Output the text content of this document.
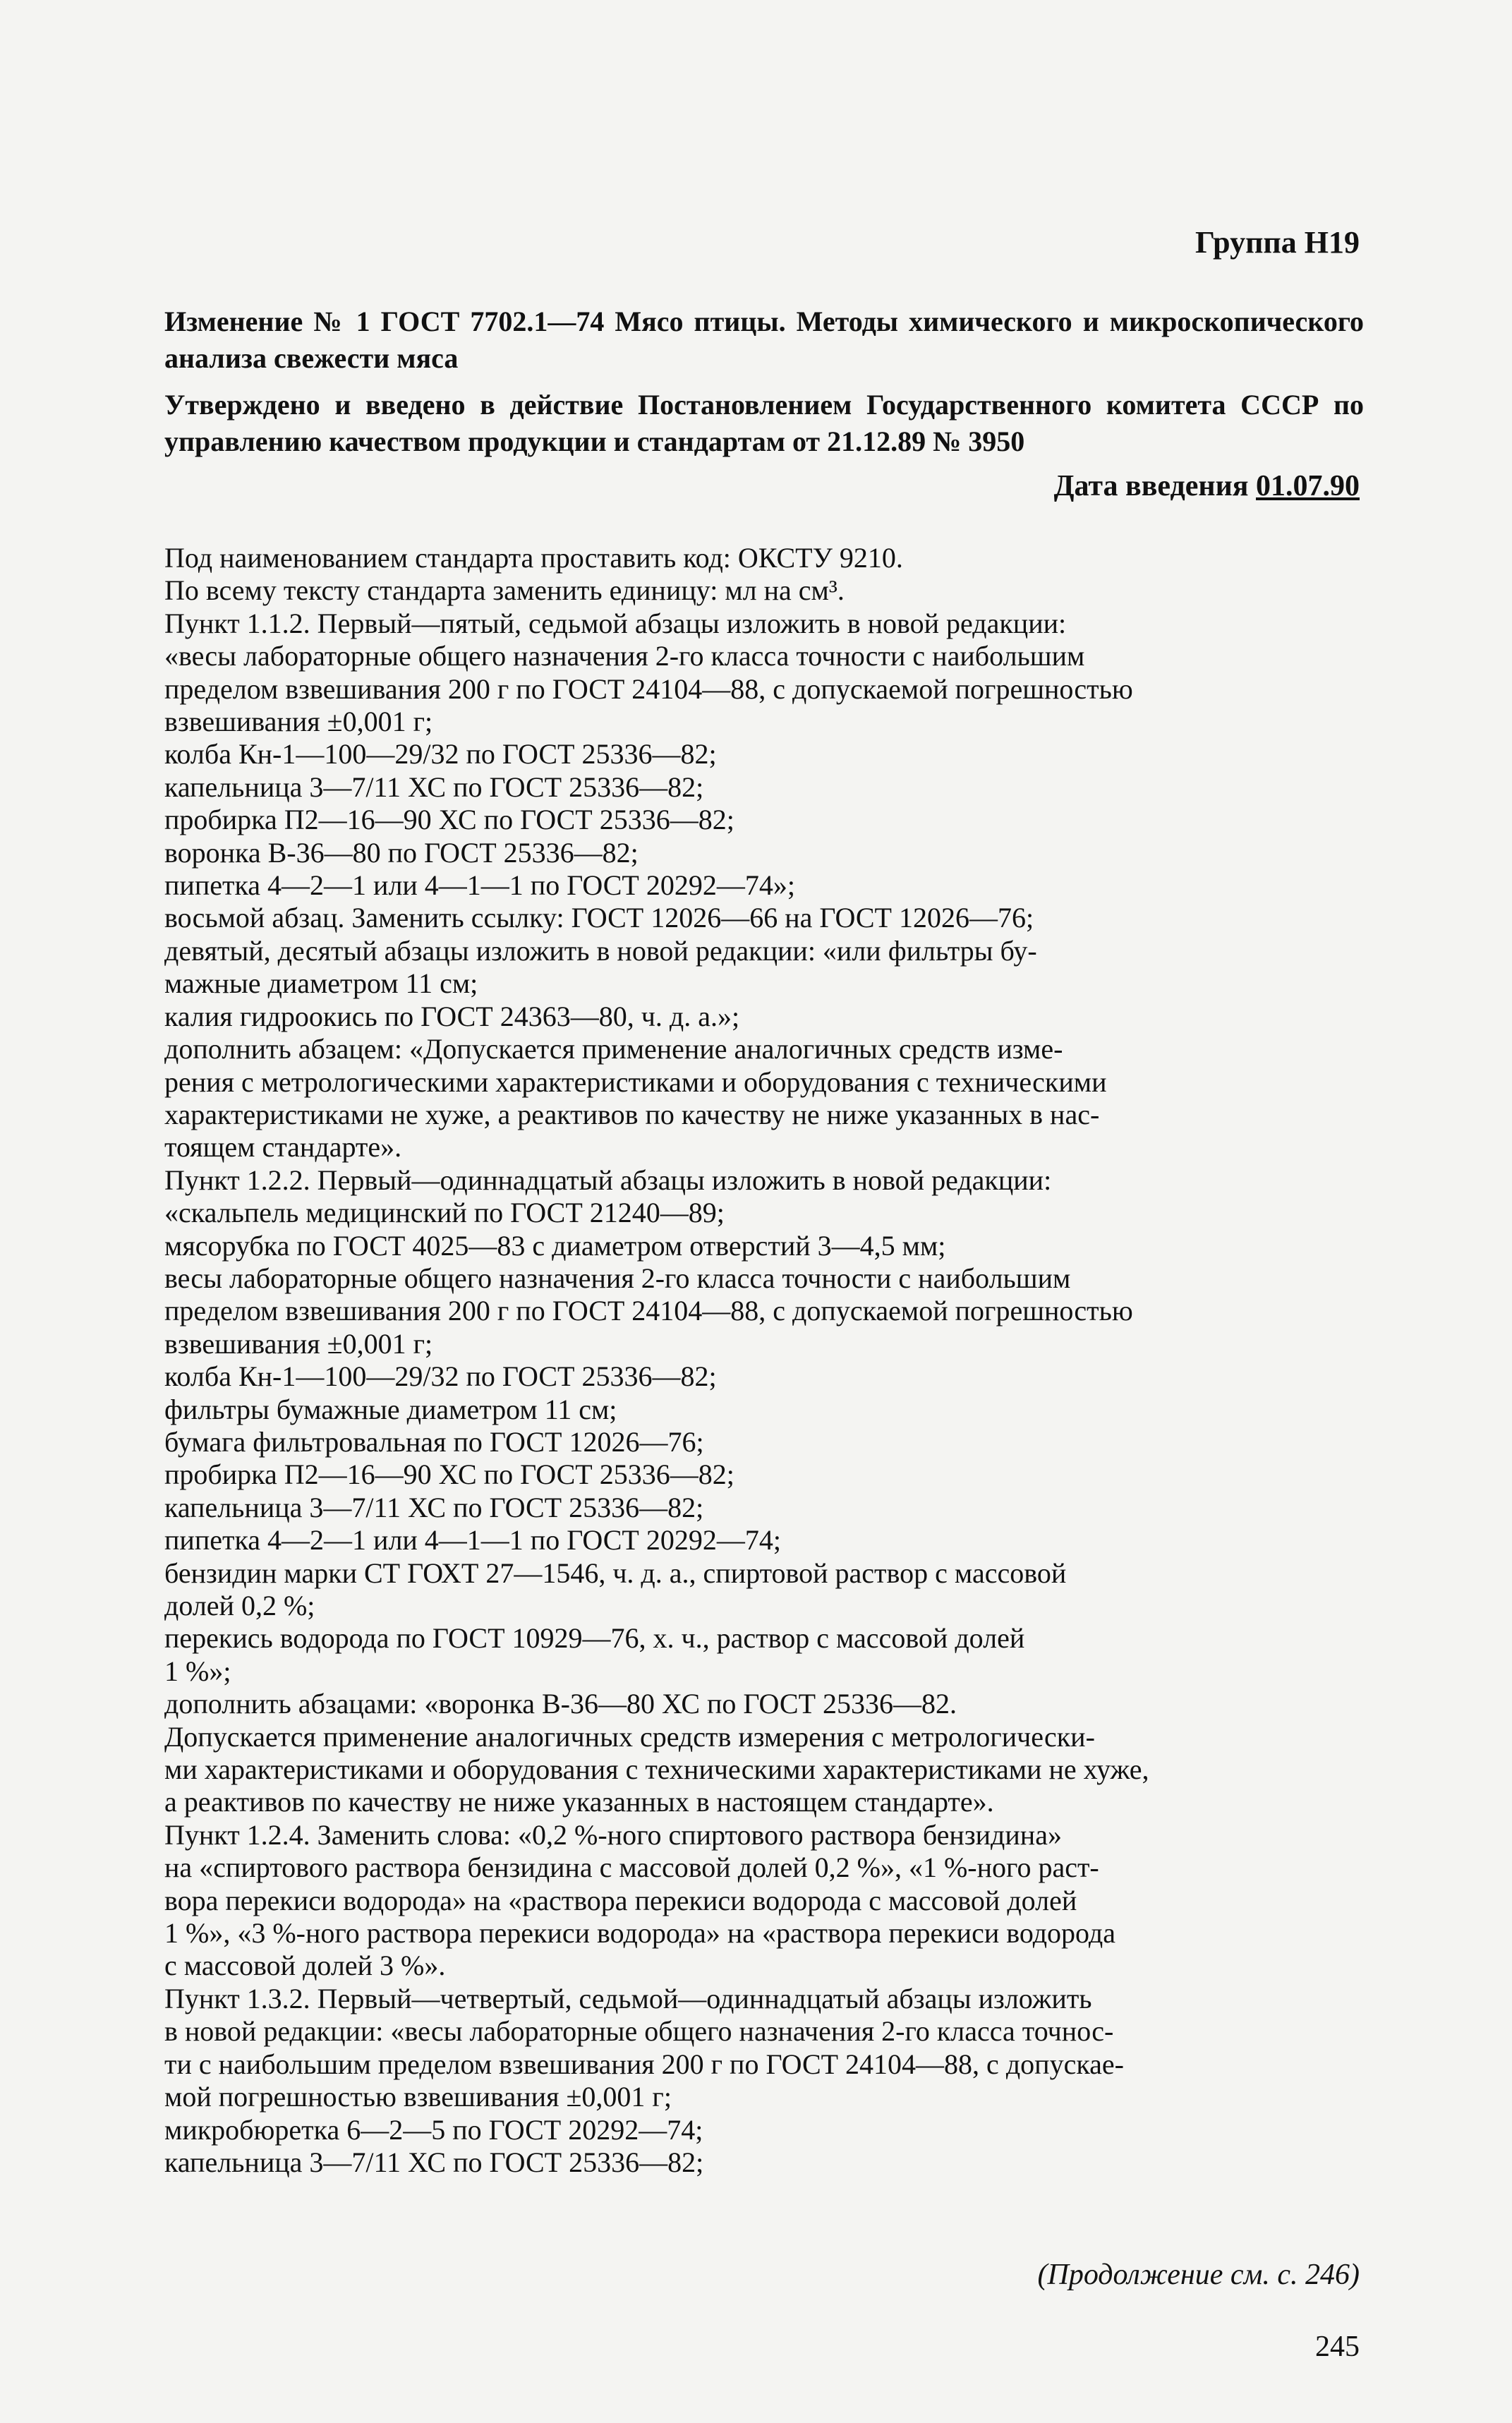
Группа Н19
Изменение № 1 ГОСТ 7702.1—74 Мясо птицы. Методы химического и микроскопического анализа свежести мяса
Утверждено и введено в действие Постановлением Государственного комитета СССР по управлению качеством продукции и стандартам от 21.12.89 № 3950
Дата введения 01.07.90
Под наименованием стандарта проставить код: ОКСТУ 9210.
По всему тексту стандарта заменить единицу: мл на см³.
Пункт 1.1.2. Первый—пятый, седьмой абзацы изложить в новой редакции:
«весы лабораторные общего назначения 2-го класса точности с наибольшим
пределом взвешивания 200 г по ГОСТ 24104—88, с допускаемой погрешностью
взвешивания ±0,001 г;
колба Кн-1—100—29/32 по ГОСТ 25336—82;
капельница 3—7/11 ХС по ГОСТ 25336—82;
пробирка П2—16—90 ХС по ГОСТ 25336—82;
воронка В-36—80 по ГОСТ 25336—82;
пипетка 4—2—1 или 4—1—1 по ГОСТ 20292—74»;
восьмой абзац. Заменить ссылку: ГОСТ 12026—66 на ГОСТ 12026—76;
девятый, десятый абзацы изложить в новой редакции: «или фильтры бу-
мажные диаметром 11 см;
калия гидроокись по ГОСТ 24363—80, ч. д. а.»;
дополнить абзацем: «Допускается применение аналогичных средств изме-
рения с метрологическими характеристиками и оборудования с техническими
характеристиками не хуже, а реактивов по качеству не ниже указанных в нас-
тоящем стандарте».
Пункт 1.2.2. Первый—одиннадцатый абзацы изложить в новой редакции:
«скальпель медицинский по ГОСТ 21240—89;
мясорубка по ГОСТ 4025—83 с диаметром отверстий 3—4,5 мм;
весы лабораторные общего назначения 2-го класса точности с наибольшим
пределом взвешивания 200 г по ГОСТ 24104—88, с допускаемой погрешностью
взвешивания ±0,001 г;
колба Кн-1—100—29/32 по ГОСТ 25336—82;
фильтры бумажные диаметром 11 см;
бумага фильтровальная по ГОСТ 12026—76;
пробирка П2—16—90 ХС по ГОСТ 25336—82;
капельница 3—7/11 ХС по ГОСТ 25336—82;
пипетка 4—2—1 или 4—1—1 по ГОСТ 20292—74;
бензидин марки СТ ГОХТ 27—1546, ч. д. а., спиртовой раствор с массовой
долей 0,2 %;
перекись водорода по ГОСТ 10929—76, х. ч., раствор с массовой долей
1 %»;
дополнить абзацами: «воронка В-36—80 ХС по ГОСТ 25336—82.
Допускается применение аналогичных средств измерения с метрологически-
ми характеристиками и оборудования с техническими характеристиками не хуже,
а реактивов по качеству не ниже указанных в настоящем стандарте».
Пункт 1.2.4. Заменить слова: «0,2 %-ного спиртового раствора бензидина»
на «спиртового раствора бензидина с массовой долей 0,2 %», «1 %-ного раст-
вора перекиси водорода» на «раствора перекиси водорода с массовой долей
1 %», «3 %-ного раствора перекиси водорода» на «раствора перекиси водорода
с массовой долей 3 %».
Пункт 1.3.2. Первый—четвертый, седьмой—одиннадцатый абзацы изложить
в новой редакции: «весы лабораторные общего назначения 2-го класса точнос-
ти с наибольшим пределом взвешивания 200 г по ГОСТ 24104—88, с допускае-
мой погрешностью взвешивания ±0,001 г;
микробюретка 6—2—5 по ГОСТ 20292—74;
капельница 3—7/11 ХС по ГОСТ 25336—82;
(Продолжение см. с. 246)
245
